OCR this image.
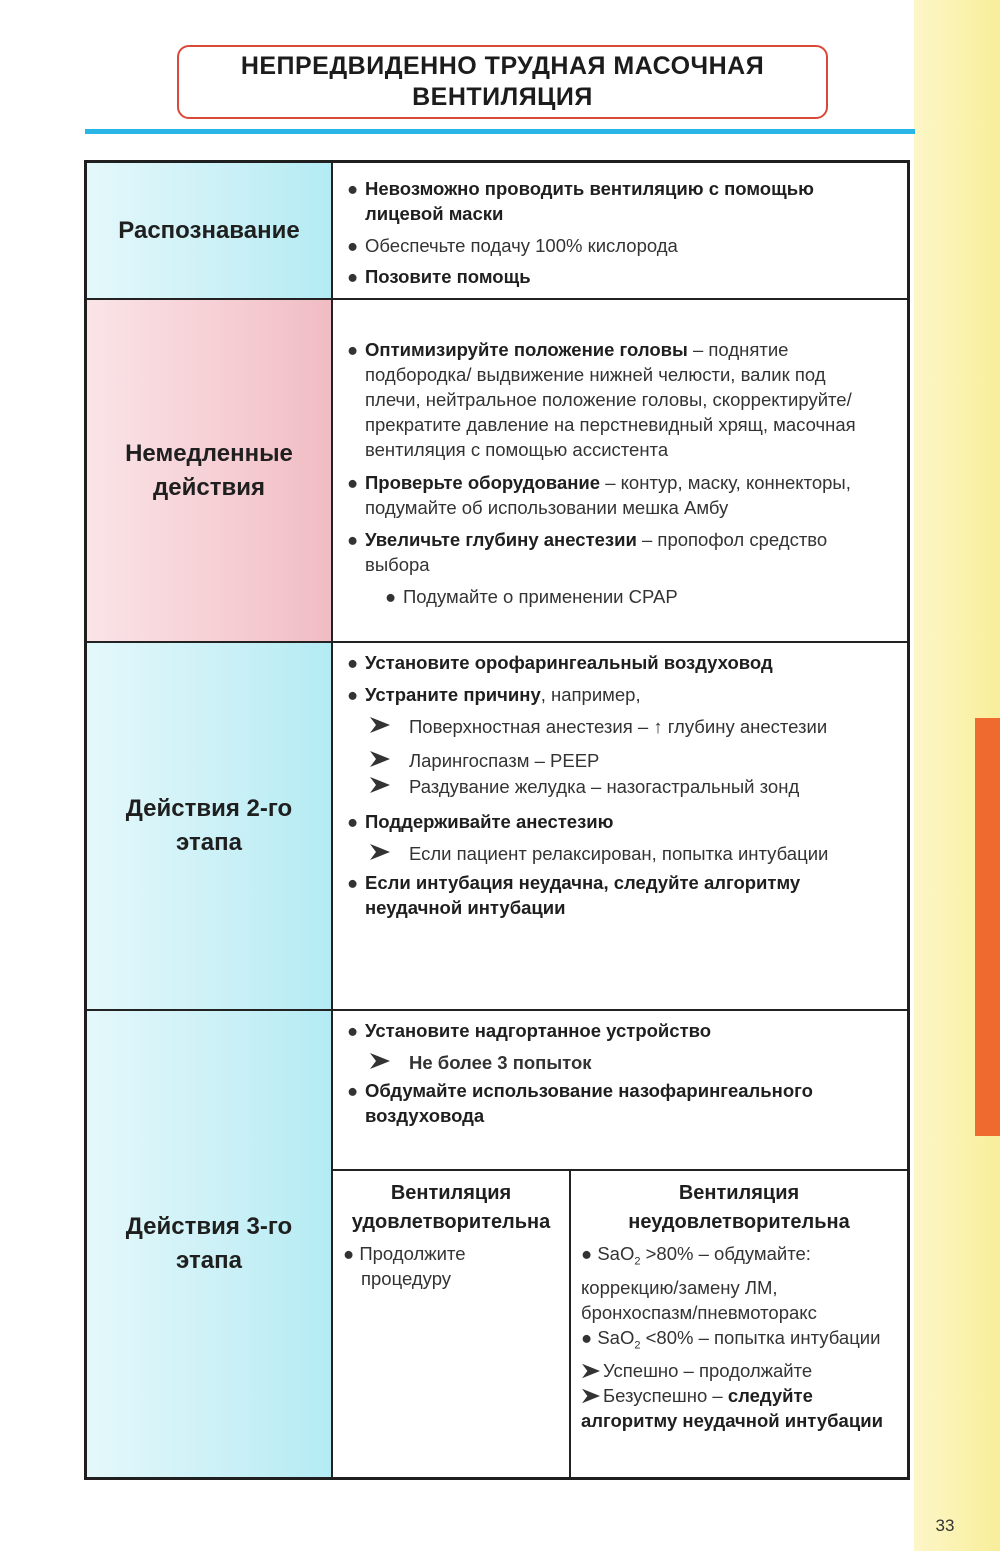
33
НЕПРЕДВИДЕННО ТРУДНАЯ МАСОЧНАЯ
ВЕНТИЛЯЦИЯ
Распознавание
● Невозможно проводить вентиляцию с помощью
лицевой маски
● Обеспечьте подачу 100% кислорода
● Позовите помощь
Немедленные
действия
● Оптимизируйте положение головы – поднятие
подбородка/ выдвижение нижней челюсти, валик под
плечи, нейтральное положение головы, скорректируйте/
прекратите давление на перстневидный хрящ, масочная
вентиляция с помощью ассистента
● Проверьте оборудование – контур, маску, коннекторы,
подумайте об использовании мешка Амбу
● Увеличьте глубину анестезии – пропофол средство
выбора
● Подумайте о применении CPAP
Действия 2-го
этапа
● Установите орофарингеальный воздуховод
● Устраните причину, например,
Поверхностная анестезия – ↑ глубину анестезии
Ларингоспазм – PEEP
Раздувание желудка – назогастральный зонд
● Поддерживайте анестезию
Если пациент релаксирован, попытка интубации
● Если интубация неудачна, следуйте алгоритму
неудачной интубации
Действия 3-го
этапа
● Установите надгортанное устройство
Не более 3 попыток
● Обдумайте использование назофарингеального
воздуховода
Вентиляция
удовлетворительна
● Продолжите
процедуру
Вентиляция
неудовлетворительна
● SaO$_2$ >80% – обдумайте:
коррекцию/замену ЛМ,
бронхоспазм/пневмоторакс
● SaO$_2$ <80% – попытка интубации
Успешно – продолжайте
Безуспешно – следуйте
алгоритму неудачной интубации
